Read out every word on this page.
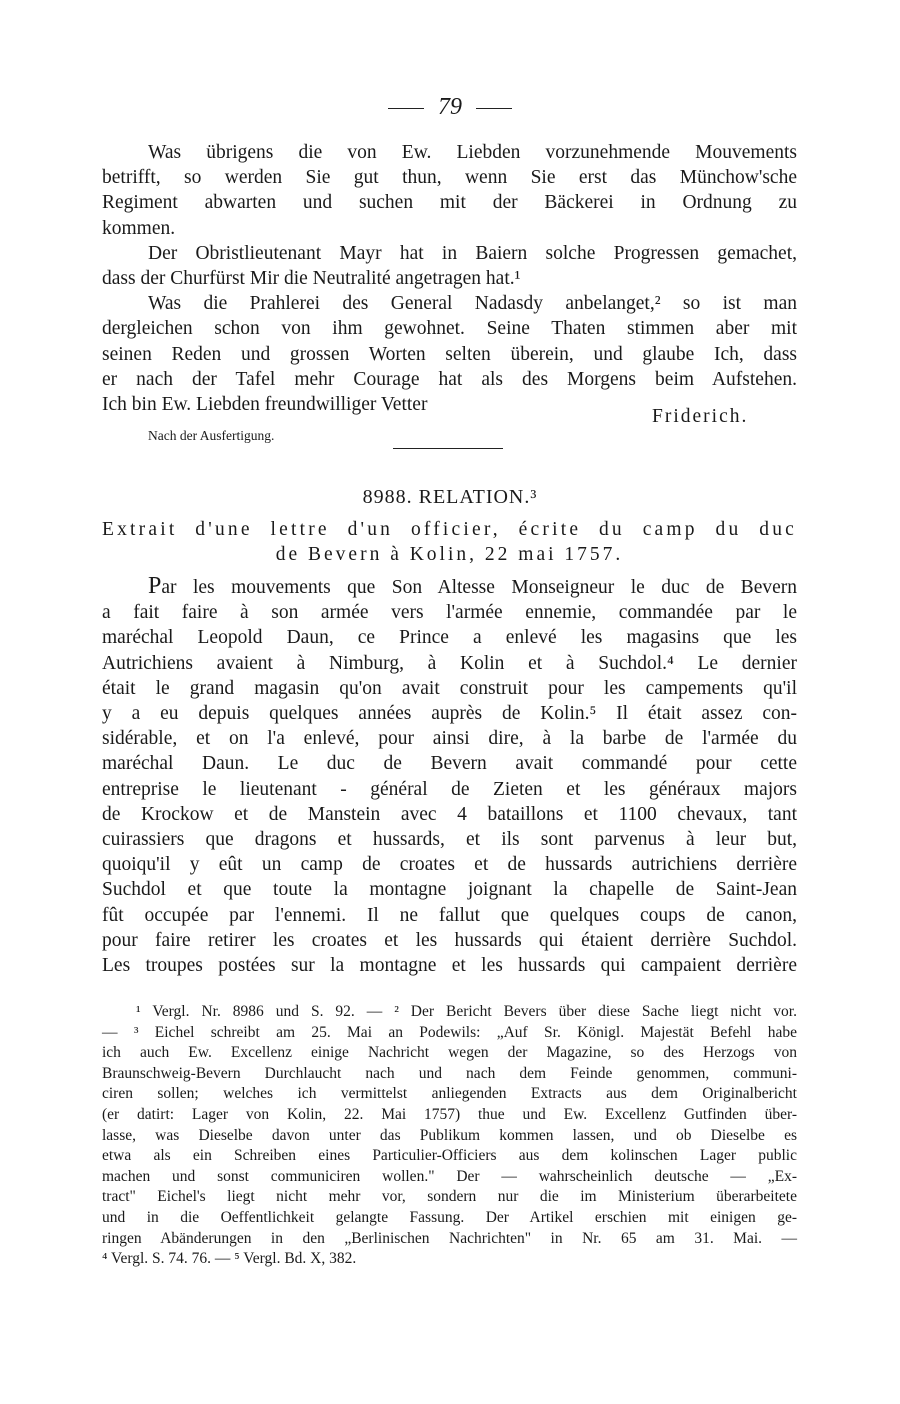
79
Was übrigens die von Ew. Liebden vorzunehmende Mouvements
betrifft, so werden Sie gut thun, wenn Sie erst das Münchow'sche
Regiment abwarten und suchen mit der Bäckerei in Ordnung zu
kommen.
Der Obristlieutenant Mayr hat in Baiern solche Progressen gemachet,
dass der Churfürst Mir die Neutralité angetragen hat.¹
Was die Prahlerei des General Nadasdy anbelanget,² so ist man
dergleichen schon von ihm gewohnet. Seine Thaten stimmen aber mit
seinen Reden und grossen Worten selten überein, und glaube Ich, dass
er nach der Tafel mehr Courage hat als des Morgens beim Aufstehen.
Ich bin Ew. Liebden freundwilliger Vetter
Friderich.
Nach der Ausfertigung.
8988. RELATION.³
Extrait d'une lettre d'un officier, écrite du camp du duc
de Bevern à Kolin, 22 mai 1757.
Par les mouvements que Son Altesse Monseigneur le duc de Bevern
a fait faire à son armée vers l'armée ennemie, commandée par le
maréchal Leopold Daun, ce Prince a enlevé les magasins que les
Autrichiens avaient à Nimburg, à Kolin et à Suchdol.⁴ Le dernier
était le grand magasin qu'on avait construit pour les campements qu'il
y a eu depuis quelques années auprès de Kolin.⁵ Il était assez con-
sidérable, et on l'a enlevé, pour ainsi dire, à la barbe de l'armée du
maréchal Daun. Le duc de Bevern avait commandé pour cette
entreprise le lieutenant - général de Zieten et les généraux majors
de Krockow et de Manstein avec 4 bataillons et 1100 chevaux, tant
cuirassiers que dragons et hussards, et ils sont parvenus à leur but,
quoiqu'il y eût un camp de croates et de hussards autrichiens derrière
Suchdol et que toute la montagne joignant la chapelle de Saint-Jean
fût occupée par l'ennemi. Il ne fallut que quelques coups de canon,
pour faire retirer les croates et les hussards qui étaient derrière Suchdol.
Les troupes postées sur la montagne et les hussards qui campaient derrière
¹ Vergl. Nr. 8986 und S. 92. — ² Der Bericht Bevers über diese Sache liegt nicht vor.
— ³ Eichel schreibt am 25. Mai an Podewils: „Auf Sr. Königl. Majestät Befehl habe
ich auch Ew. Excellenz einige Nachricht wegen der Magazine, so des Herzogs von
Braunschweig-Bevern Durchlaucht nach und nach dem Feinde genommen, communi-
ciren sollen; welches ich vermittelst anliegenden Extracts aus dem Originalbericht
(er datirt: Lager von Kolin, 22. Mai 1757) thue und Ew. Excellenz Gutfinden über-
lasse, was Dieselbe davon unter das Publikum kommen lassen, und ob Dieselbe es
etwa als ein Schreiben eines Particulier-Officiers aus dem kolinschen Lager public
machen und sonst communiciren wollen." Der — wahrscheinlich deutsche — „Ex-
tract" Eichel's liegt nicht mehr vor, sondern nur die im Ministerium überarbeitete
und in die Oeffentlichkeit gelangte Fassung. Der Artikel erschien mit einigen ge-
ringen Abänderungen in den „Berlinischen Nachrichten" in Nr. 65 am 31. Mai. —
⁴ Vergl. S. 74. 76. — ⁵ Vergl. Bd. X, 382.
